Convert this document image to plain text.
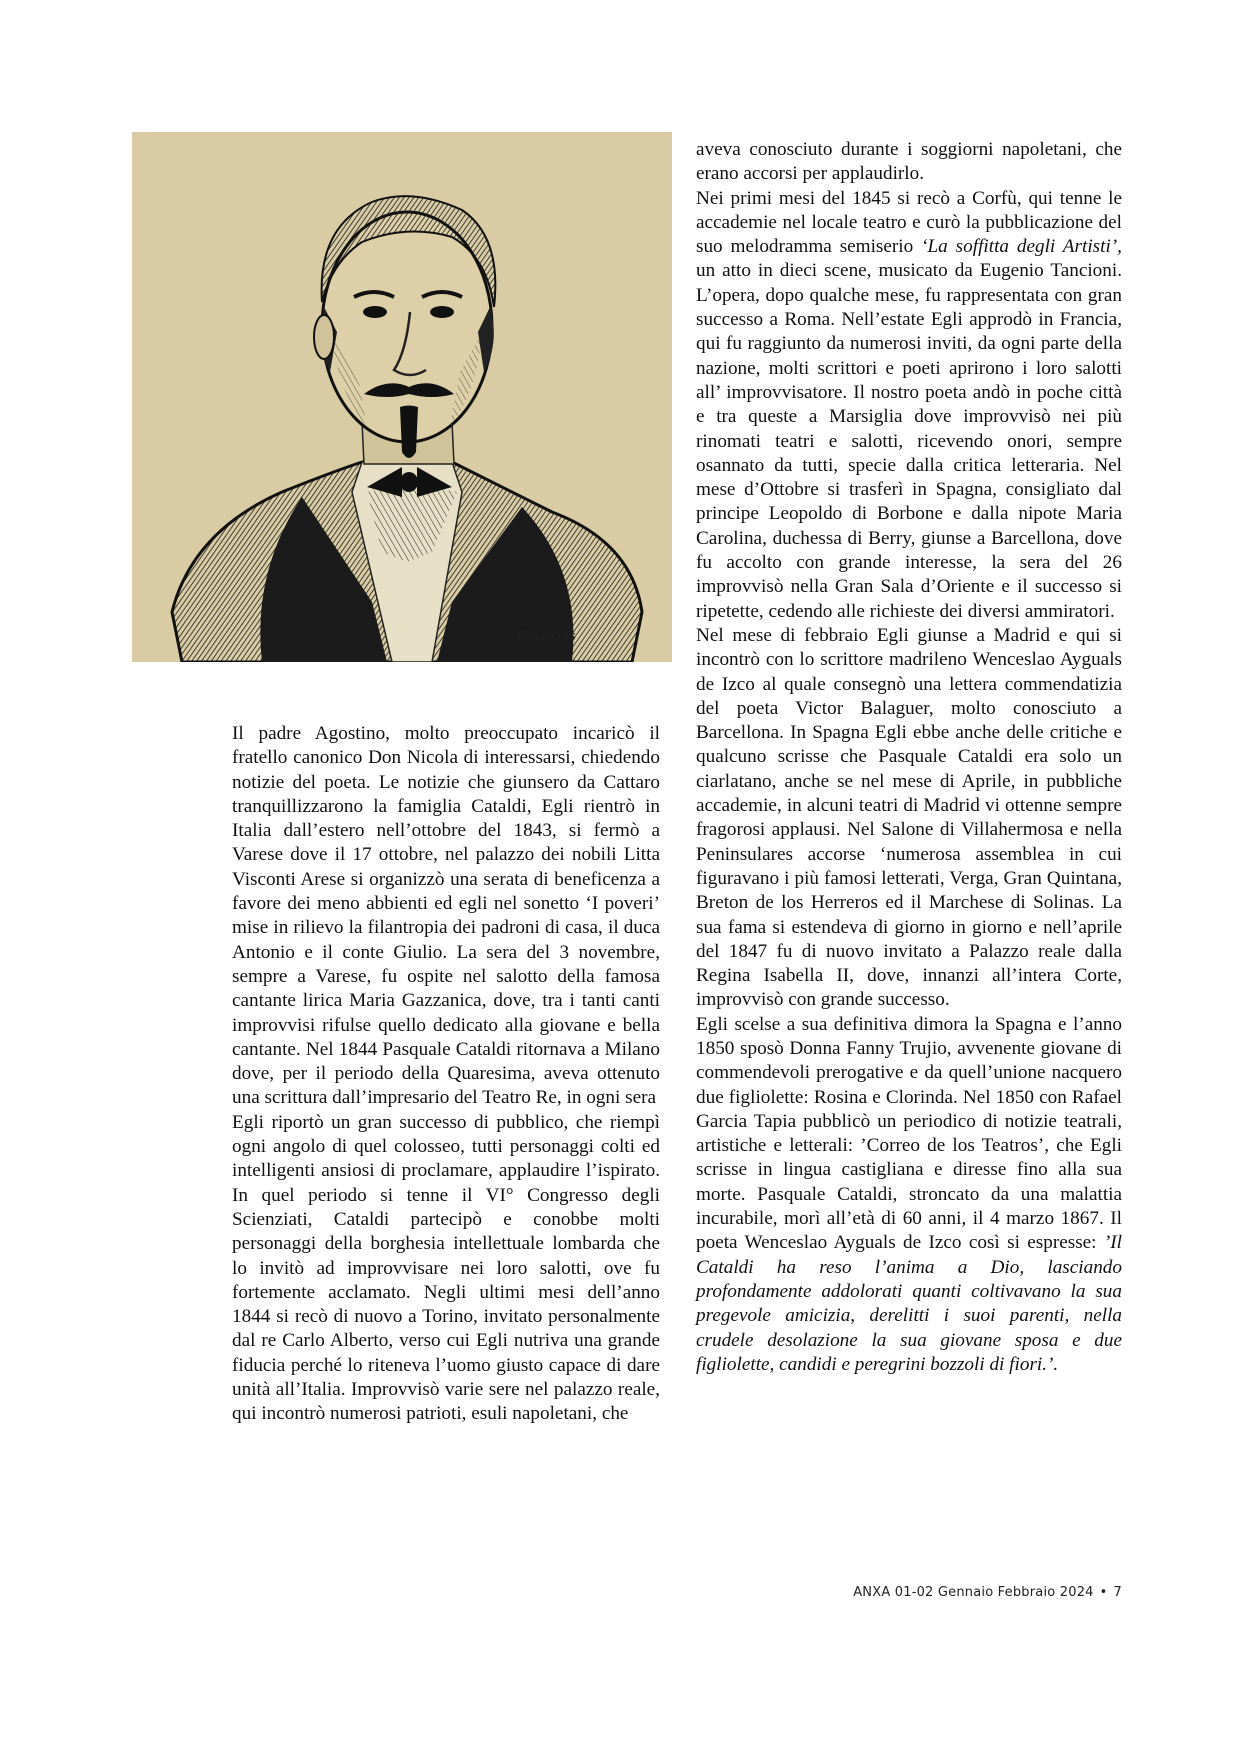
Guetti dis

Il padre Agostino, molto preoccupato incaricò il fratello canonico Don Nicola di interessarsi, chiedendo notizie del poeta. Le notizie che giunsero da Cattaro tranquillizzarono la famiglia Cataldi, Egli rientrò in Italia dall’estero nell’ottobre del 1843, si fermò a Varese dove il 17 ottobre, nel palazzo dei nobili Litta Visconti Arese si organizzò una serata di beneficenza a favore dei meno abbienti ed egli nel sonetto ‘I poveri’ mise in rilievo la filantropia dei padroni di casa, il duca Antonio e il conte Giulio. La sera del 3 novembre, sempre a Varese, fu ospite nel salotto della famosa cantante lirica Maria Gazzanica, dove, tra i tanti canti improvvisi rifulse quello dedicato alla giovane e bella cantante. Nel 1844 Pasquale Cataldi ritornava a Milano dove, per il periodo della Quaresima, aveva ottenuto una scrittura dall’impresario del Teatro Re, in ogni sera

Egli riportò un gran successo di pubblico, che riempì ogni angolo di quel colosseo, tutti personaggi colti ed intelligenti ansiosi di proclamare, applaudire l’ispirato. In quel periodo si tenne il VI° Congresso degli Scienziati, Cataldi partecipò e conobbe molti personaggi della borghesia intellettuale lombarda che lo invitò ad improvvisare nei loro salotti, ove fu fortemente acclamato. Negli ultimi mesi dell’anno 1844 si recò di nuovo a Torino, invitato personalmente dal re Carlo Alberto, verso cui Egli nutriva una grande fiducia perché lo riteneva l’uomo giusto capace di dare unità all’Italia. Improvvisò varie sere nel palazzo reale, qui incontrò numerosi patrioti, esuli napoletani, che

aveva conosciuto durante i soggiorni napoletani, che erano accorsi per applaudirlo.

Nei primi mesi del 1845 si recò a Corfù, qui tenne le accademie nel locale teatro e curò la pubblicazione del suo melodramma semiserio ‘La soffitta degli Artisti’, un atto in dieci scene, musicato da Eugenio Tancioni. L’opera, dopo qualche mese, fu rappresentata con gran successo a Roma. Nell’estate Egli approdò in Francia, qui fu raggiunto da numerosi inviti, da ogni parte della nazione, molti scrittori e poeti aprirono i loro salotti all’ improvvisatore. Il nostro poeta andò in poche città e tra queste a Marsiglia dove improvvisò nei più rinomati teatri e salotti, ricevendo onori, sempre osannato da tutti, specie dalla critica letteraria. Nel mese d’Ottobre si trasferì in Spagna, consigliato dal principe Leopoldo di Borbone e dalla nipote Maria Carolina, duchessa di Berry, giunse a Barcellona, dove fu accolto con grande interesse, la sera del 26 improvvisò nella Gran Sala d’Oriente e il successo si ripetette, cedendo alle richieste dei diversi ammiratori.

Nel mese di febbraio Egli giunse a Madrid e qui si incontrò con lo scrittore madrileno Wenceslao Ayguals de Izco al quale consegnò una lettera commendatizia del poeta Victor Balaguer, molto conosciuto a Barcellona. In Spagna Egli ebbe anche delle critiche e qualcuno scrisse che Pasquale Cataldi era solo un ciarlatano, anche se nel mese di Aprile, in pubbliche accademie, in alcuni teatri di Madrid vi ottenne sempre fragorosi applausi. Nel Salone di Villahermosa e nella Peninsulares accorse ‘numerosa assemblea in cui figuravano i più famosi letterati, Verga, Gran Quintana, Breton de los Herreros ed il Marchese di Solinas. La sua fama si estendeva di giorno in giorno e nell’aprile del 1847 fu di nuovo invitato a Palazzo reale dalla Regina Isabella II, dove, innanzi all’intera Corte, improvvisò con grande successo.

Egli scelse a sua definitiva dimora la Spagna e l’anno 1850 sposò Donna Fanny Trujio, avvenente giovane di commendevoli prerogative e da quell’unione nacquero due figliolette: Rosina e Clorinda. Nel 1850 con Rafael Garcia Tapia pubblicò un periodico di notizie teatrali, artistiche e letterali: ’Correo de los Teatros’, che Egli scrisse in lingua castigliana e diresse fino alla sua morte. Pasquale Cataldi, stroncato da una malattia incurabile, morì all’età di 60 anni, il 4 marzo 1867. Il poeta Wenceslao Ayguals de Izco così si espresse: ’Il Cataldi ha reso l’anima a Dio, lasciando profondamente addolorati quanti coltivavano la sua pregevole amicizia, derelitti i suoi parenti, nella crudele desolazione la sua giovane sposa e due figliolette, candidi e peregrini bozzoli di fiori.’.

ANXA 01-02 Gennaio Febbraio 2024 • 7
